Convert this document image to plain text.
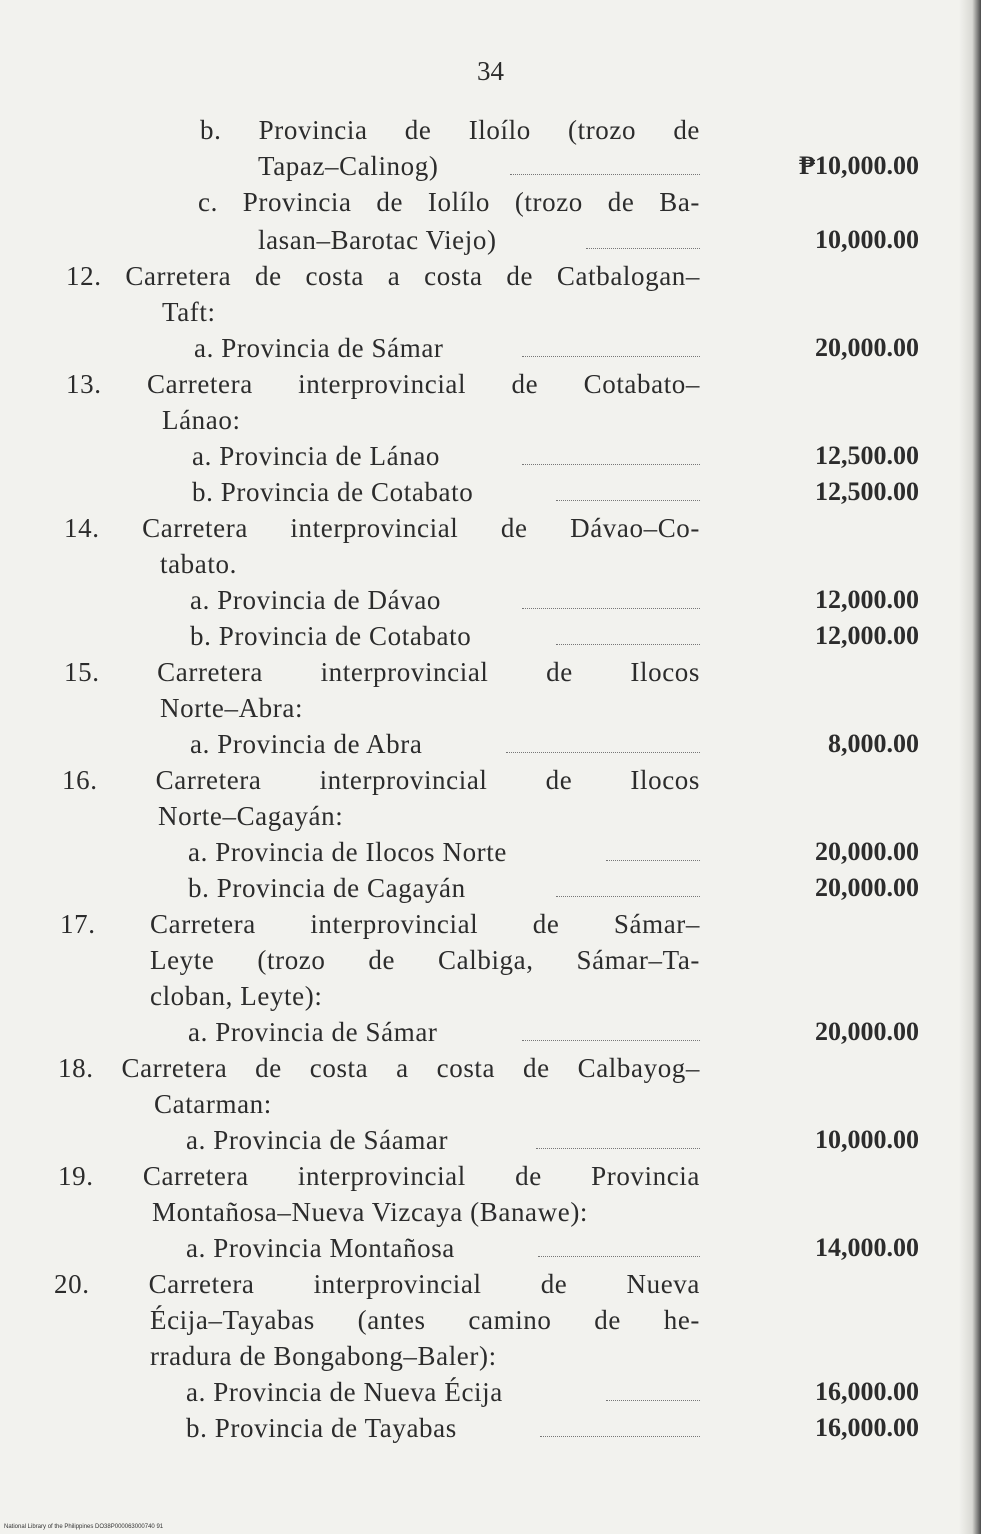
34
b. Provincia de Iloílo (trozo de
Tapaz–Calinog)	₱10,000.00
c. Provincia de Iolílo (trozo de Ba-
lasan–Barotac Viejo)	10,000.00
12. Carretera de costa a costa de Catbalogan–
Taft:
a. Provincia de Sámar	20,000.00
13. Carretera interprovincial de Cotabato–
Lánao:
a. Provincia de Lánao	12,500.00
b. Provincia de Cotabato	12,500.00
14. Carretera interprovincial de Dávao–Co-
tabato.
a. Provincia de Dávao	12,000.00
b. Provincia de Cotabato	12,000.00
15. Carretera interprovincial de Ilocos
Norte–Abra:
a. Provincia de Abra	8,000.00
16. Carretera interprovincial de Ilocos
Norte–Cagayán:
a. Provincia de Ilocos Norte	20,000.00
b. Provincia de Cagayán	20,000.00
17. Carretera interprovincial de Sámar–
Leyte (trozo de Calbiga, Sámar–Ta-
cloban, Leyte):
a. Provincia de Sámar	20,000.00
18. Carretera de costa a costa de Calbayog–
Catarman:
a. Provincia de Sáamar	10,000.00
19. Carretera interprovincial de Provincia
Montañosa–Nueva Vizcaya (Banawe):
a. Provincia Montañosa	14,000.00
20. Carretera interprovincial de Nueva
Écija–Tayabas (antes camino de he-
rradura de Bongabong–Baler):
a. Provincia de Nueva Écija	16,000.00
b. Provincia de Tayabas	16,000.00
National Library of the Philippines DO38P000063000740 91
